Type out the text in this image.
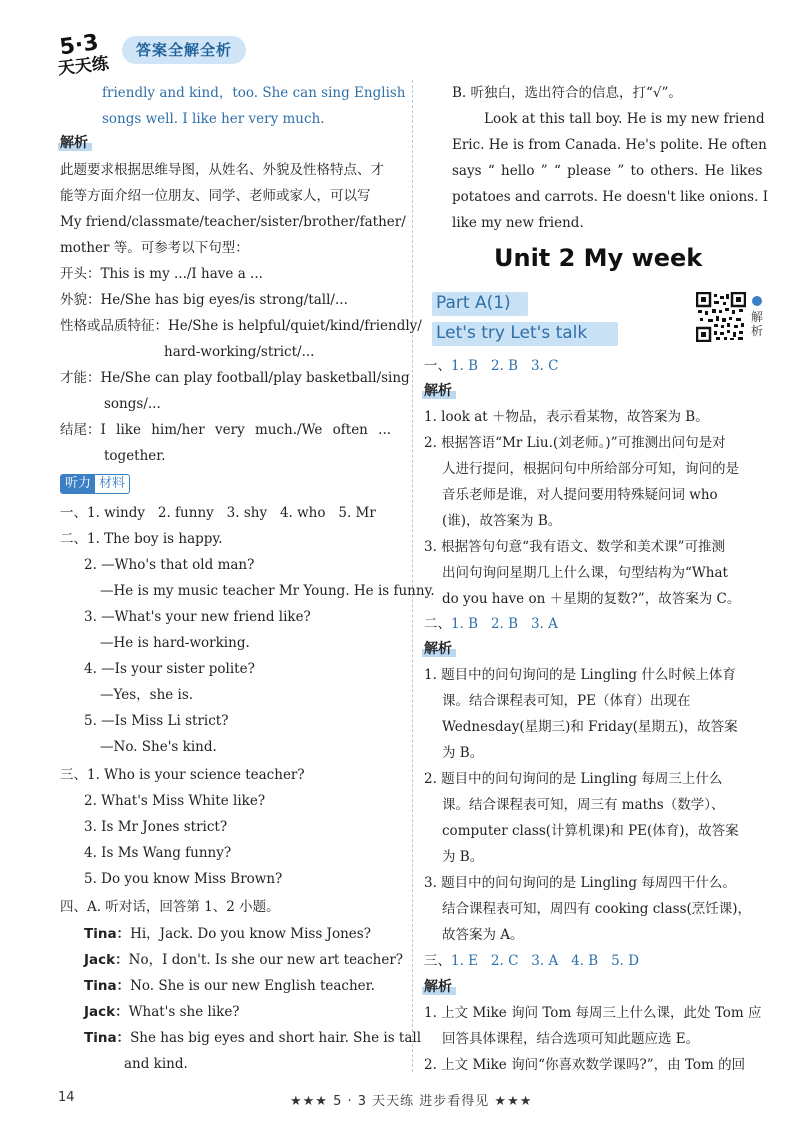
5·3
天天练
答案全解全析
friendly and kind，too. She can sing English
songs well. I like her very much.
解析
此题要求根据思维导图，从姓名、外貌及性格特点、才
能等方面介绍一位朋友、同学、老师或家人，可以写
My friend/classmate/teacher/sister/brother/father/
mother 等。可参考以下句型：
开头：This is my .../I have a ...
外貌：He/She has big eyes/is strong/tall/...
性格或品质特征：He/She is helpful/quiet/kind/friendly/
hard-working/strict/...
才能：He/She can play football/play basketball/sing
songs/...
结尾：I like him/her very much./We often ...
together.
听力 材料
一、1. windy 2. funny 3. shy 4. who 5. Mr
二、1. The boy is happy.
2. —Who's that old man?
—He is my music teacher Mr Young. He is funny.
3. —What's your new friend like?
—He is hard-working.
4. —Is your sister polite?
—Yes，she is.
5. —Is Miss Li strict?
—No. She's kind.
三、1. Who is your science teacher?
2. What's Miss White like?
3. Is Mr Jones strict?
4. Is Ms Wang funny?
5. Do you know Miss Brown?
四、A. 听对话，回答第 1、2 小题。
Tina：Hi，Jack. Do you know Miss Jones?
Jack：No，I don't. Is she our new art teacher?
Tina：No. She is our new English teacher.
Jack：What's she like?
Tina：She has big eyes and short hair. She is tall
and kind.
B. 听独白，选出符合的信息，打“√”。
Look at this tall boy. He is my new friend
Eric. He is from Canada. He's polite. He often
says “ hello ” “ please ” to others. He likes
potatoes and carrots. He doesn't like onions. I
like my new friend.
Unit 2 My week
Part A(1)
Let's try Let's talk
解析
一、1. B 2. B 3. C
解析
1. look at ＋物品，表示看某物，故答案为 B。
2. 根据答语“Mr Liu.(刘老师。)”可推测出问句是对
人进行提问，根据问句中所给部分可知，询问的是
音乐老师是谁，对人提问要用特殊疑问词 who
(谁)，故答案为 B。
3. 根据答句句意“我有语文、数学和美术课”可推测
出问句询问星期几上什么课，句型结构为“What
do you have on ＋星期的复数?”，故答案为 C。
二、1. B 2. B 3. A
解析
1. 题目中的问句询问的是 Lingling 什么时候上体育
课。结合课程表可知，PE（体育）出现在
Wednesday(星期三)和 Friday(星期五)，故答案
为 B。
2. 题目中的问句询问的是 Lingling 每周三上什么
课。结合课程表可知，周三有 maths（数学）、
computer class(计算机课)和 PE(体育)，故答案
为 B。
3. 题目中的问句询问的是 Lingling 每周四干什么。
结合课程表可知，周四有 cooking class(烹饪课)，
故答案为 A。
三、1. E 2. C 3. A 4. B 5. D
解析
1. 上文 Mike 询问 Tom 每周三上什么课，此处 Tom 应
回答具体课程，结合选项可知此题应选 E。
2. 上文 Mike 询问“你喜欢数学课吗?”，由 Tom 的回
14	★★★ 5 · 3 天天练 进步看得见 ★★★
